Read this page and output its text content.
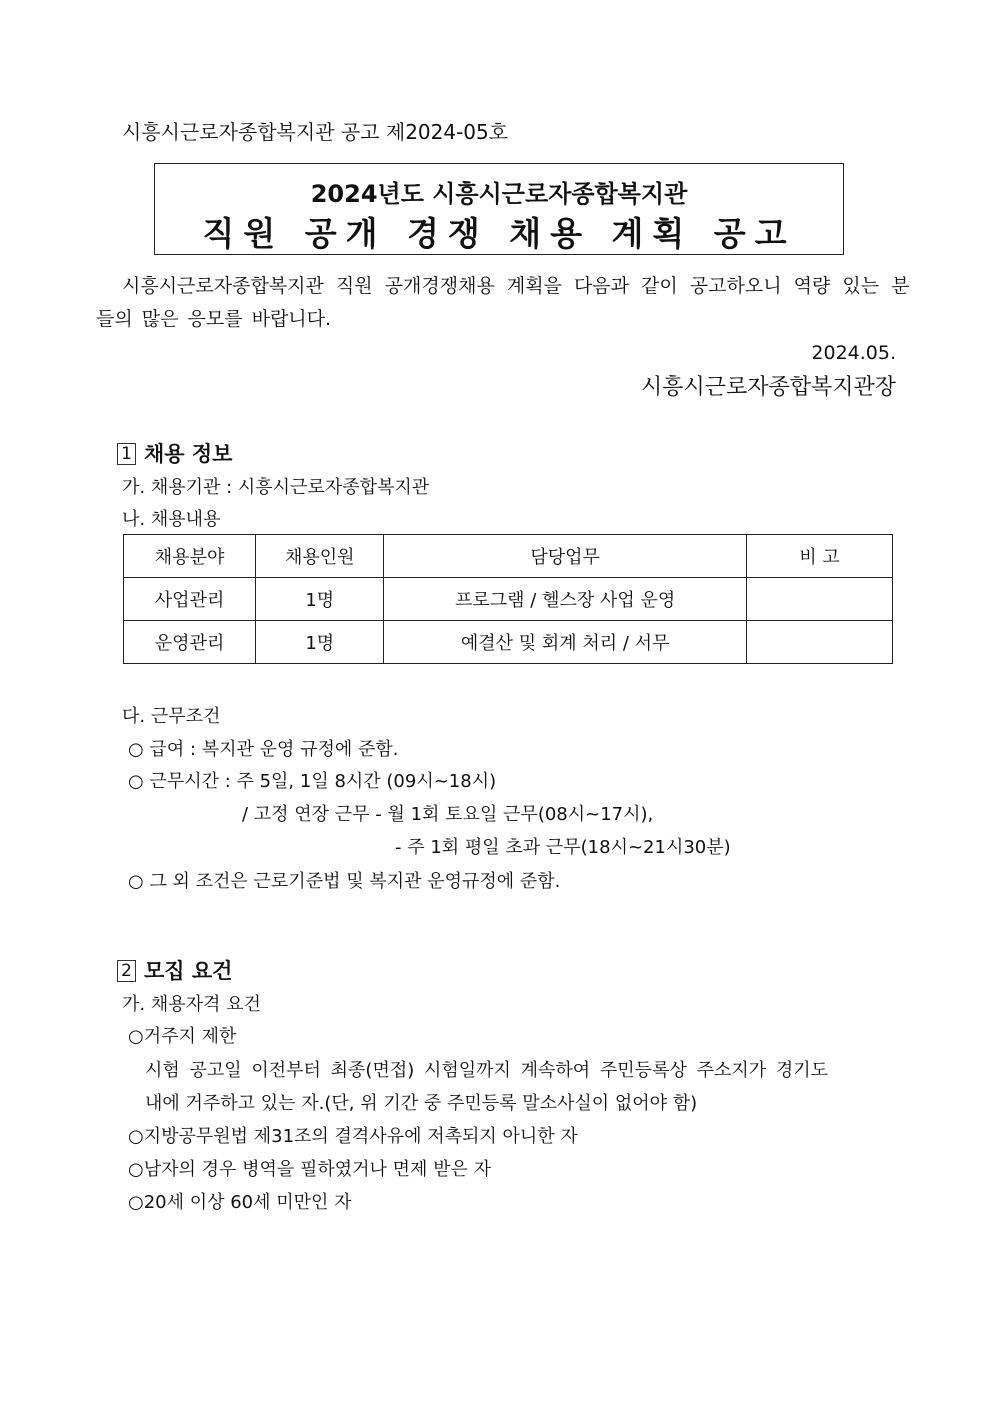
시흥시근로자종합복지관 공고 제2024-05호
2024년도 시흥시근로자종합복지관
직원 공개 경쟁 채용 계획 공고
시흥시근로자종합복지관 직원 공개경쟁채용 계획을 다음과 같이 공고하오니 역량 있는 분
들의 많은 응모를 바랍니다.
2024.05.
시흥시근로자종합복지관장
1 채용 정보
가. 채용기관 : 시흥시근로자종합복지관
나. 채용내용
채용분야	채용인원	담당업무	비 고
사업관리	1명	프로그램 / 헬스장 사업 운영	
운영관리	1명	예결산 및 회계 처리 / 서무	
다. 근무조건
○ 급여 : 복지관 운영 규정에 준함.
○ 근무시간 : 주 5일, 1일 8시간 (09시~18시)
/ 고정 연장 근무 - 월 1회 토요일 근무(08시~17시),
- 주 1회 평일 초과 근무(18시~21시30분)
○ 그 외 조건은 근로기준법 및 복지관 운영규정에 준함.
2 모집 요건
가. 채용자격 요건
○거주지 제한
시험 공고일 이전부터 최종(면접) 시험일까지 계속하여 주민등록상 주소지가 경기도
내에 거주하고 있는 자.(단, 위 기간 중 주민등록 말소사실이 없어야 함)
○지방공무원법 제31조의 결격사유에 저촉되지 아니한 자
○남자의 경우 병역을 필하였거나 면제 받은 자
○20세 이상 60세 미만인 자
